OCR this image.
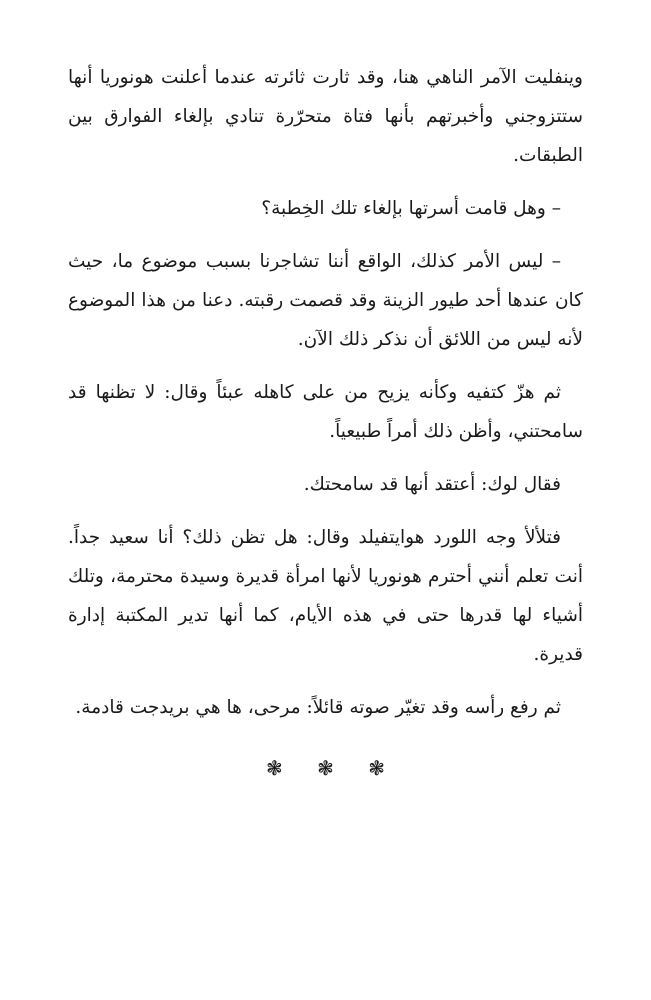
وينفليت الآمر الناهي هنا، وقد ثارت ثائرته عندما أعلنت هونوريا أنها ستتزوجني وأخبرتهم بأنها فتاة متحرّرة تنادي بإلغاء الفوارق بين الطبقات.

– وهل قامت أسرتها بإلغاء تلك الخِطبة؟

– ليس الأمر كذلك، الواقع أننا تشاجرنا بسبب موضوع ما، حيث كان عندها أحد طيور الزينة وقد قصمت رقبته. دعنا من هذا الموضوع لأنه ليس من اللائق أن نذكر ذلك الآن.

ثم هزّ كتفيه وكأنه يزيح من على كاهله عبئاً وقال: لا تظنها قد سامحتني، وأظن ذلك أمراً طبيعياً.

فقال لوك: أعتقد أنها قد سامحتك.

فتلألأ وجه اللورد هوايتفيلد وقال: هل تظن ذلك؟ أنا سعيد جداً. أنت تعلم أنني أحترم هونوريا لأنها امرأة قديرة وسيدة محترمة، وتلك أشياء لها قدرها حتى في هذه الأيام، كما أنها تدير المكتبة إدارة قديرة.

ثم رفع رأسه وقد تغيّر صوته قائلاً: مرحى، ها هي بريدجت قادمة.

❃ ❃ ❃
